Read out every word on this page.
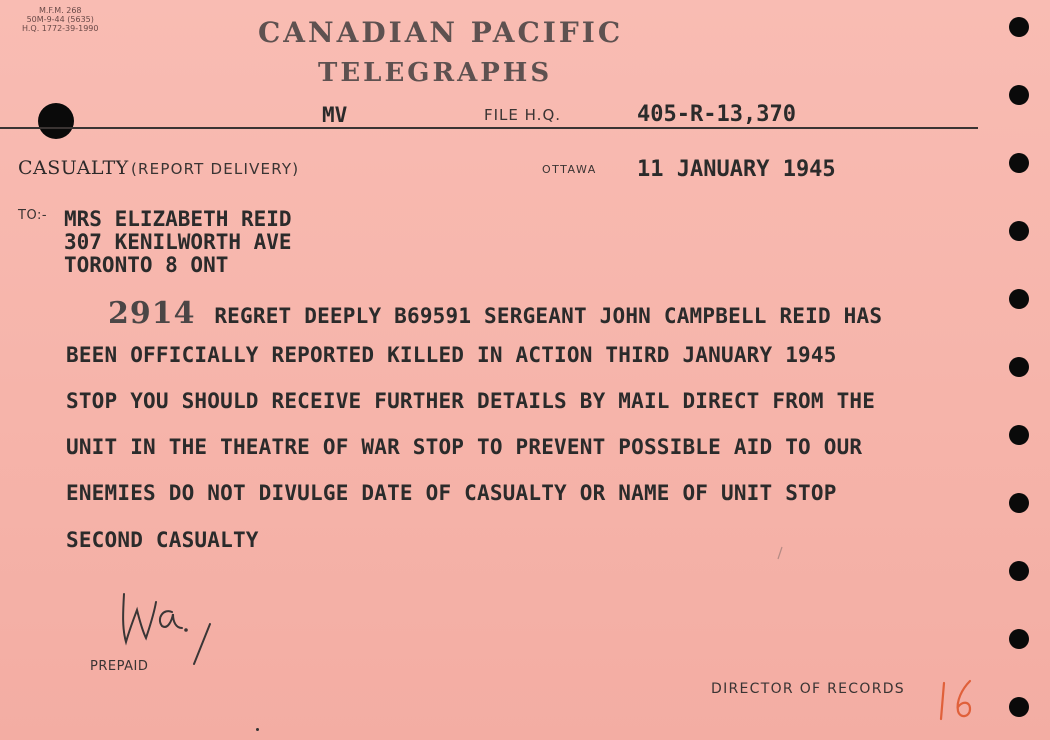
M.F.M. 268
50M-9-44 (5635)
H.Q. 1772-39-1990	CANADIAN PACIFIC
TELEGRAPHS
MV	FILE H.Q.	405-R-13,370
CASUALTY (REPORT DELIVERY)	OTTAWA 11 JANUARY 1945
TO:- MRS ELIZABETH REID
307 KENILWORTH AVE
TORONTO 8 ONT
2914 REGRET DEEPLY B69591 SERGEANT JOHN CAMPBELL REID HAS
BEEN OFFICIALLY REPORTED KILLED IN ACTION THIRD JANUARY 1945
STOP YOU SHOULD RECEIVE FURTHER DETAILS BY MAIL DIRECT FROM THE
UNIT IN THE THEATRE OF WAR STOP TO PREVENT POSSIBLE AID TO OUR
ENEMIES DO NOT DIVULGE DATE OF CASUALTY OR NAME OF UNIT STOP
SECOND CASUALTY
PREPAID
DIRECTOR OF RECORDS
